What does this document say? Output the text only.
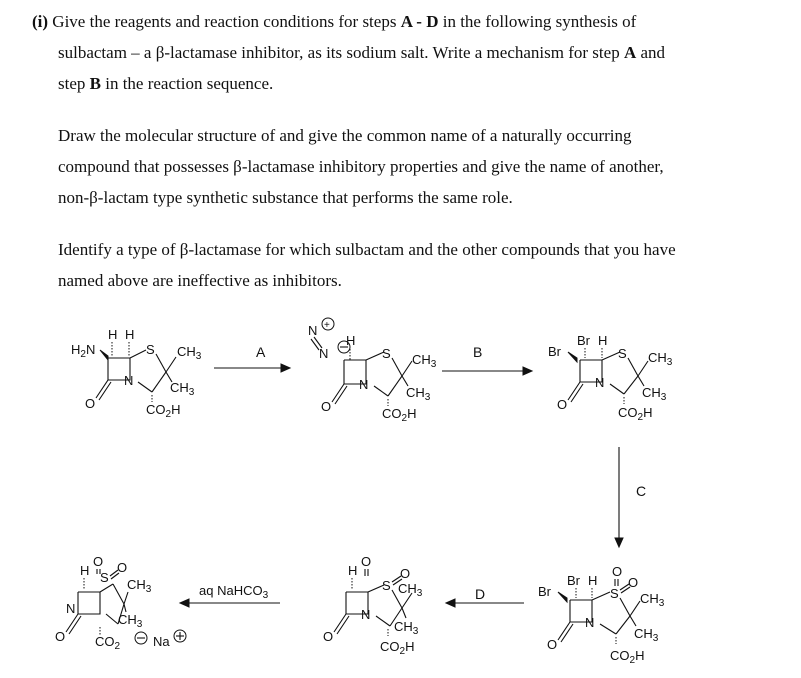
(i) Give the reagents and reaction conditions for steps A - D in the following synthesis of
sulbactam – a β-lactamase inhibitor, as its sodium salt. Write a mechanism for step A and
step B in the reaction sequence.

Draw the molecular structure of and give the common name of a naturally occurring
compound that possesses β-lactamase inhibitory properties and give the name of another,
non-β-lactam type synthetic substance that performs the same role.

Identify a type of β-lactamase for which sulbactam and the other compounds that you have
named above are ineffective as inhibitors.

O
N
S $CH_3$
$CH_3$
$CO_2H$
H H
$H_2N$	A
N +
N
H
O
N
S $CH_3$
$CH_3$
$CO_2H$
B
Br H
Br
O
N
S $CH_3$
$CH_3$
$CO_2H$
C
Br H
O
Br
O
N
S
O
$CH_3$
$CH_3$
$CO_2H$
D
H
O
O
N
S
O
$CH_3$
$CH_3$
$CO_2H$
aq NaHCO$_3$
H
O
O
N
S
O
$CH_3$
$CH_3$
$CO_2$	Na
